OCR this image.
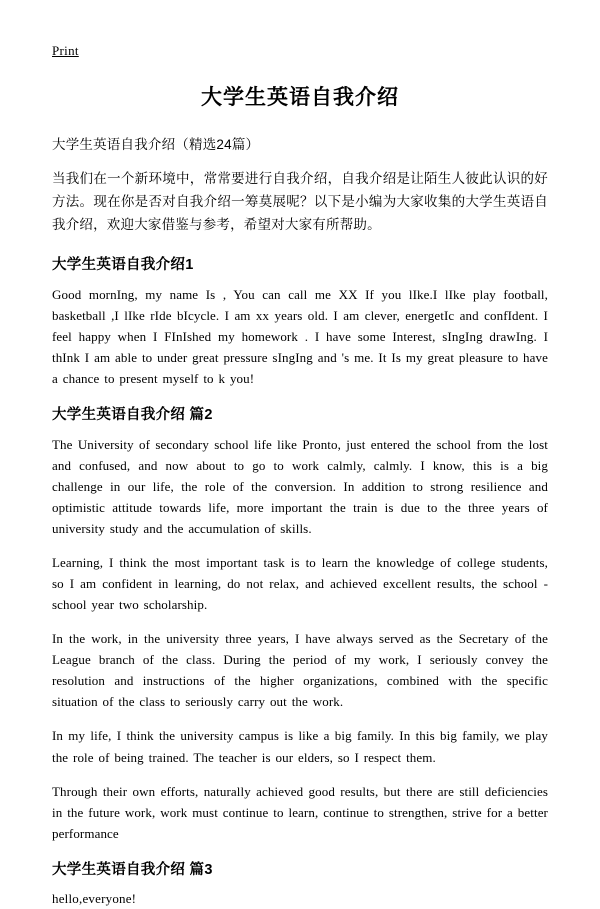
Print
大学生英语自我介绍

大学生英语自我介绍（精选24篇）

当我们在一个新环境中，常常要进行自我介绍，自我介绍是让陌生人彼此认识的好方法。现在你是否对自我介绍一筹莫展呢？以下是小编为大家收集的大学生英语自我介绍，欢迎大家借鉴与参考，希望对大家有所帮助。

大学生英语自我介绍1

Good mornIng, my name Is , You can call me XX If you lIke.I lIke play football, basketball ,I lIke rIde bIcycle. I am xx years old. I am clever, energetIc and confIdent. I feel happy when I FInIshed my homework . I have some Interest, sIngIng drawIng. I thInk I am able to under great pressure sIngIng and 's me. It Is my great pleasure to have a chance to present myself to k you!

大学生英语自我介绍 篇2

The University of secondary school life like Pronto, just entered the school from the lost and confused, and now about to go to work calmly, calmly. I know, this is a big challenge in our life, the role of the conversion. In addition to strong resilience and optimistic attitude towards life, more important the train is due to the three years of university study and the accumulation of skills.

Learning, I think the most important task is to learn the knowledge of college students, so I am confident in learning, do not relax, and achieved excellent results, the school - school year two scholarship.

In the work, in the university three years, I have always served as the Secretary of the League branch of the class. During the period of my work, I seriously convey the resolution and instructions of the higher organizations, combined with the specific situation of the class to seriously carry out the work.

In my life, I think the university campus is like a big family. In this big family, we play the role of being trained. The teacher is our elders, so I respect them.

Through their own efforts, naturally achieved good results, but there are still deficiencies in the future work, work must continue to learn, continue to strengthen, strive for a better performance

大学生英语自我介绍 篇3

hello,everyone!
